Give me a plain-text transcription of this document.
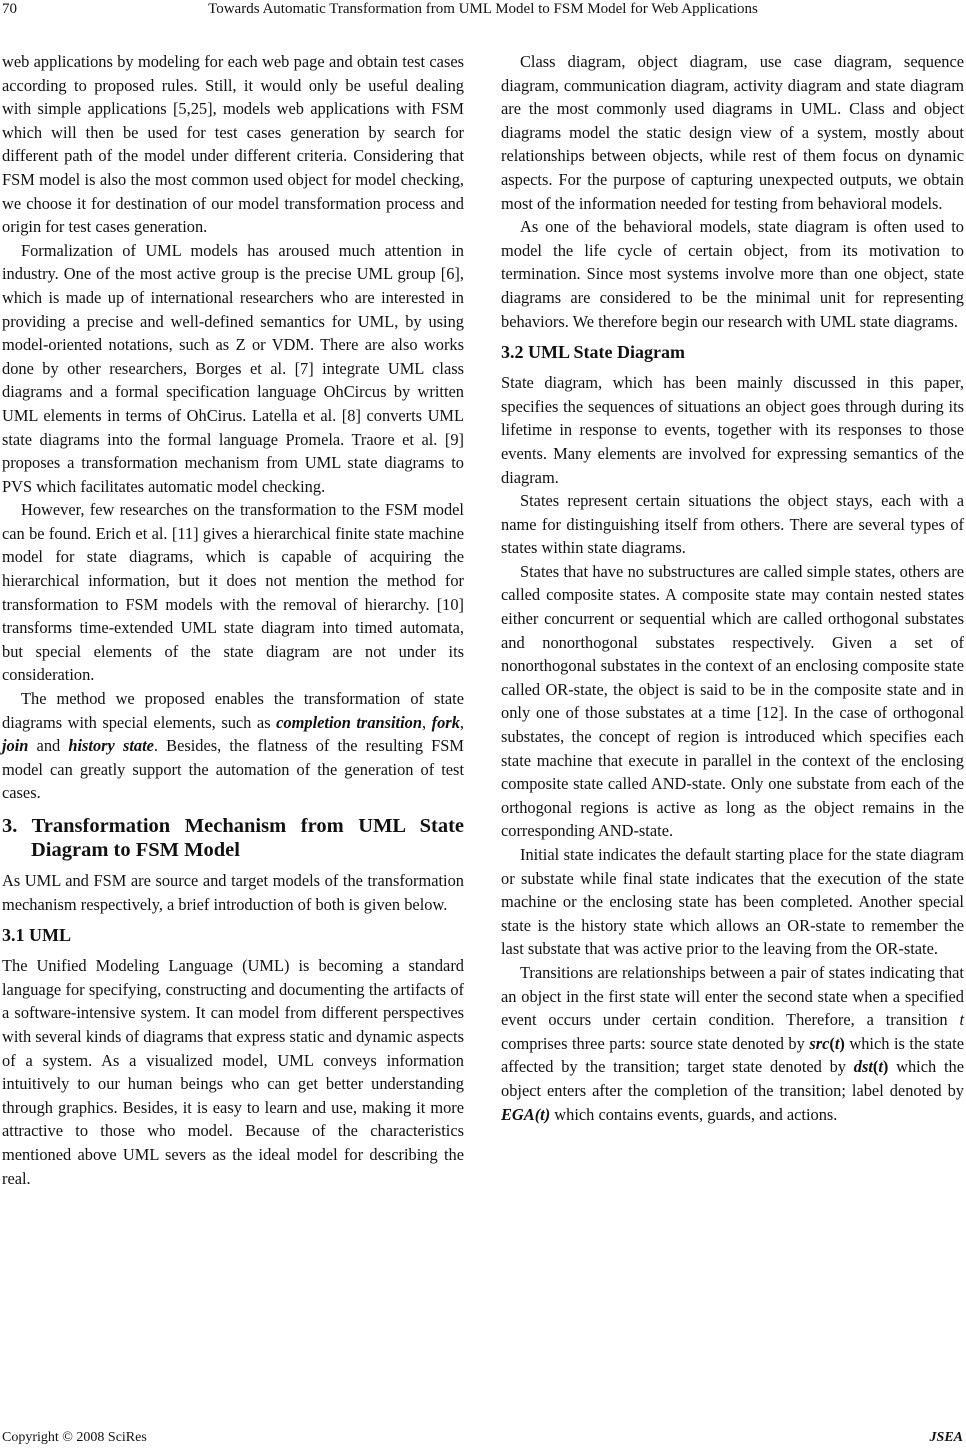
70	Towards Automatic Transformation from UML Model to FSM Model for Web Applications

web applications by modeling for each web page and obtain test cases according to proposed rules. Still, it would only be useful dealing with simple applications [5,25], models web applications with FSM which will then be used for test cases generation by search for different path of the model under different criteria. Considering that FSM model is also the most common used object for model checking, we choose it for destination of our model transformation process and origin for test cases generation.

Formalization of UML models has aroused much attention in industry. One of the most active group is the precise UML group [6], which is made up of international researchers who are interested in providing a precise and well-defined semantics for UML, by using model-oriented notations, such as Z or VDM. There are also works done by other researchers, Borges et al. [7] integrate UML class diagrams and a formal specification language OhCircus by written UML elements in terms of OhCirus. Latella et al. [8] converts UML state diagrams into the formal language Promela. Traore et al. [9] proposes a transformation mechanism from UML state diagrams to PVS which facilitates automatic model checking.

However, few researches on the transformation to the FSM model can be found. Erich et al. [11] gives a hierarchical finite state machine model for state diagrams, which is capable of acquiring the hierarchical information, but it does not mention the method for transformation to FSM models with the removal of hierarchy. [10] transforms time-extended UML state diagram into timed automata, but special elements of the state diagram are not under its consideration.

The method we proposed enables the transformation of state diagrams with special elements, such as completion transition, fork, join and history state. Besides, the flatness of the resulting FSM model can greatly support the automation of the generation of test cases.

3. Transformation Mechanism from UML State Diagram to FSM Model

As UML and FSM are source and target models of the transformation mechanism respectively, a brief introduction of both is given below.

3.1 UML

The Unified Modeling Language (UML) is becoming a standard language for specifying, constructing and documenting the artifacts of a software-intensive system. It can model from different perspectives with several kinds of diagrams that express static and dynamic aspects of a system. As a visualized model, UML conveys information intuitively to our human beings who can get better understanding through graphics. Besides, it is easy to learn and use, making it more attractive to those who model. Because of the characteristics mentioned above UML severs as the ideal model for describing the real.

Class diagram, object diagram, use case diagram, sequence diagram, communication diagram, activity diagram and state diagram are the most commonly used diagrams in UML. Class and object diagrams model the static design view of a system, mostly about relationships between objects, while rest of them focus on dynamic aspects. For the purpose of capturing unexpected outputs, we obtain most of the information needed for testing from behavioral models.

As one of the behavioral models, state diagram is often used to model the life cycle of certain object, from its motivation to termination. Since most systems involve more than one object, state diagrams are considered to be the minimal unit for representing behaviors. We therefore begin our research with UML state diagrams.

3.2 UML State Diagram

State diagram, which has been mainly discussed in this paper, specifies the sequences of situations an object goes through during its lifetime in response to events, together with its responses to those events. Many elements are involved for expressing semantics of the diagram.

States represent certain situations the object stays, each with a name for distinguishing itself from others. There are several types of states within state diagrams.

States that have no substructures are called simple states, others are called composite states. A composite state may contain nested states either concurrent or sequential which are called orthogonal substates and nonorthogonal substates respectively. Given a set of nonorthogonal substates in the context of an enclosing composite state called OR-state, the object is said to be in the composite state and in only one of those substates at a time [12]. In the case of orthogonal substates, the concept of region is introduced which specifies each state machine that execute in parallel in the context of the enclosing composite state called AND-state. Only one substate from each of the orthogonal regions is active as long as the object remains in the corresponding AND-state.

Initial state indicates the default starting place for the state diagram or substate while final state indicates that the execution of the state machine or the enclosing state has been completed. Another special state is the history state which allows an OR-state to remember the last substate that was active prior to the leaving from the OR-state.

Transitions are relationships between a pair of states indicating that an object in the first state will enter the second state when a specified event occurs under certain condition. Therefore, a transition t comprises three parts: source state denoted by src(t) which is the state affected by the transition; target state denoted by dst(t) which the object enters after the completion of the transition; label denoted by EGA(t) which contains events, guards, and actions.

Copyright © 2008 SciRes	JSEA
